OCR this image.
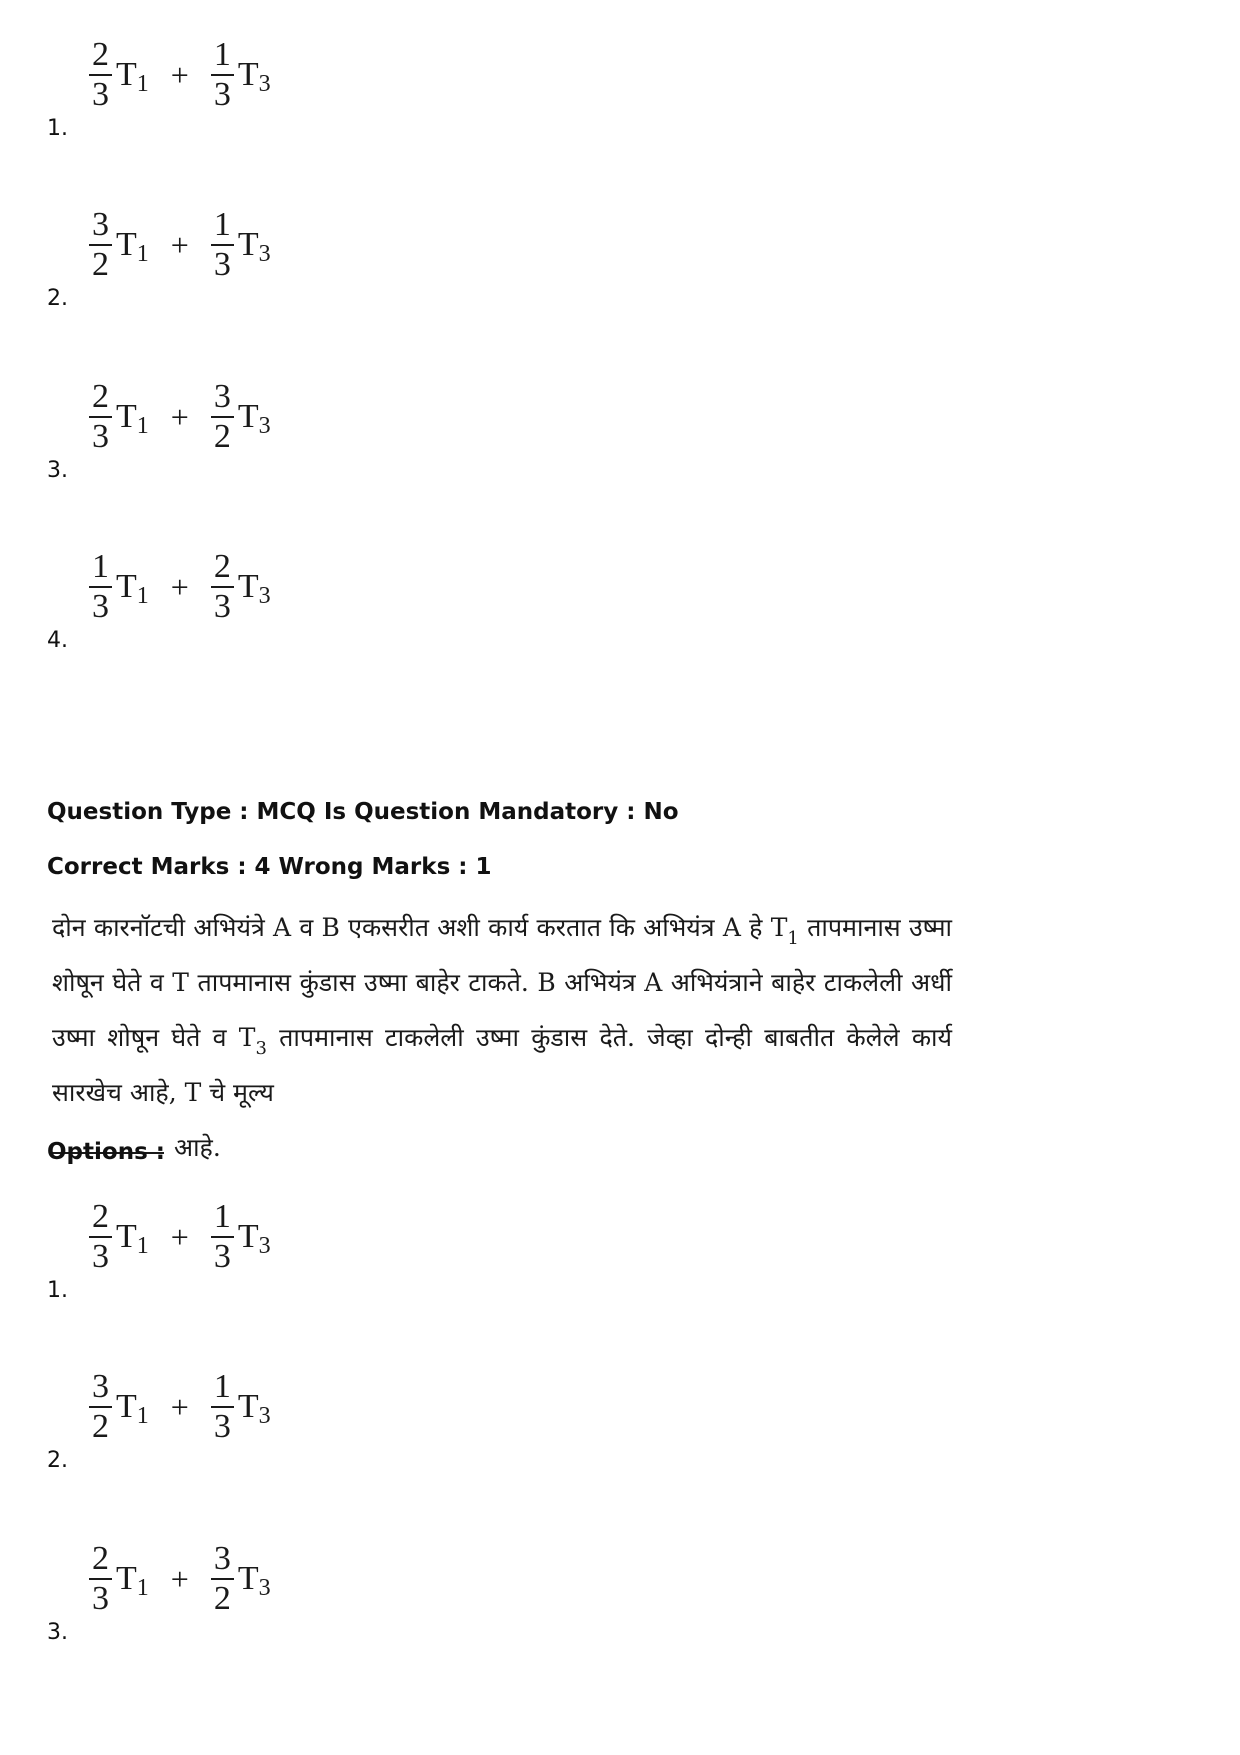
1.
$\frac{2}{3} T_1 + \frac{1}{3} T_3$
2.
$\frac{3}{2} T_1 + \frac{1}{3} T_3$
3.
$\frac{2}{3} T_1 + \frac{3}{2} T_3$
4.
$\frac{1}{3} T_1 + \frac{2}{3} T_3$
Question Type : MCQ Is Question Mandatory : No
Correct Marks : 4 Wrong Marks : 1
दोन कारनॉटची अभियंत्रे A व B एकसरीत अशी कार्य करतात कि अभियंत्र A हे $T_1$ तापमानास उष्मा शोषून घेते व T तापमानास कुंडास उष्मा बाहेर टाकते. B अभियंत्र A अभियंत्राने बाहेर टाकलेली अर्धी उष्मा शोषून घेते व $T_3$ तापमानास टाकलेली उष्मा कुंडास देते. जेव्हा दोन्ही बाबतीत केलेले कार्य सारखेच आहे, T चे मूल्य
आहे.
Options :
1.
$\frac{2}{3} T_1 + \frac{1}{3} T_3$
2.
$\frac{3}{2} T_1 + \frac{1}{3} T_3$
3.
$\frac{2}{3} T_1 + \frac{3}{2} T_3$
